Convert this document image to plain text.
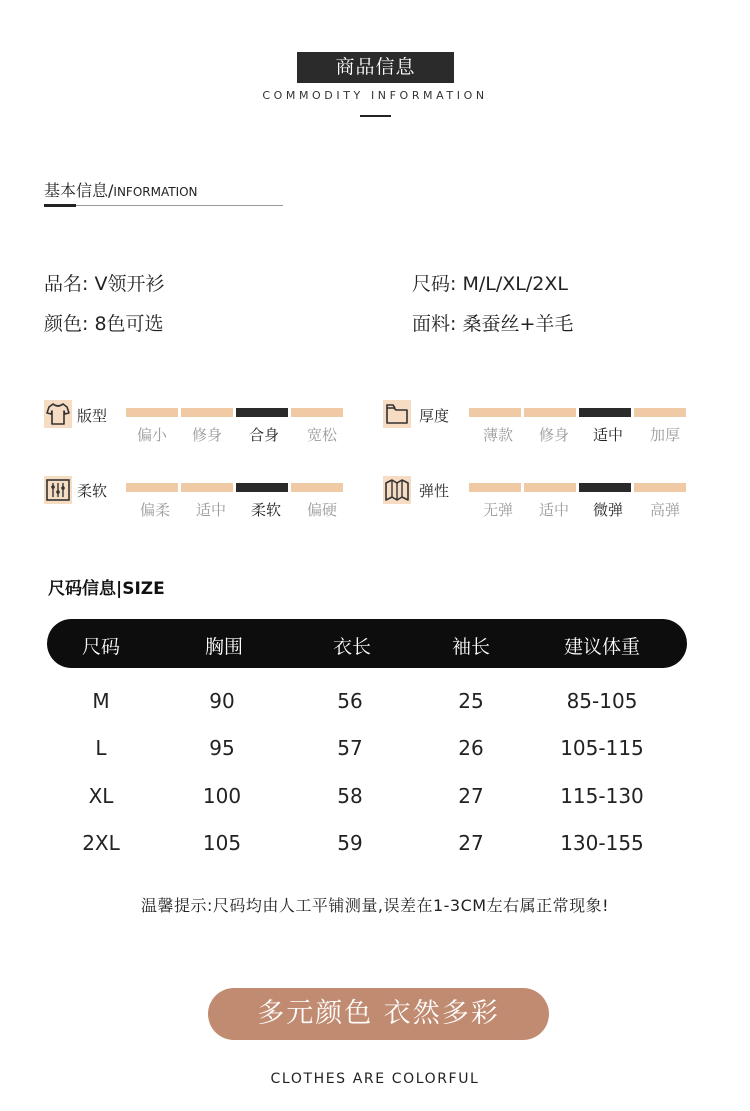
商品信息
COMMODITY INFORMATION
基本信息/INFORMATION
品名: V领开衫	尺码: M/L/XL/2XL
颜色: 8色可选	面料: 桑蚕丝+羊毛
版型
偏小	修身	合身	宽松
厚度
薄款	修身	适中	加厚
柔软
偏柔	适中	柔软	偏硬
弹性
无弹	适中	微弹	高弹
尺码信息|SIZE
尺码	胸围	衣长	袖长	建议体重
M	90	56	25	85-105
L	95	57	26	105-115
XL	100	58	27	115-130
2XL	105	59	27	130-155
温馨提示:尺码均由人工平铺测量,误差在1-3CM左右属正常现象!
多元颜色 衣然多彩
CLOTHES ARE COLORFUL
